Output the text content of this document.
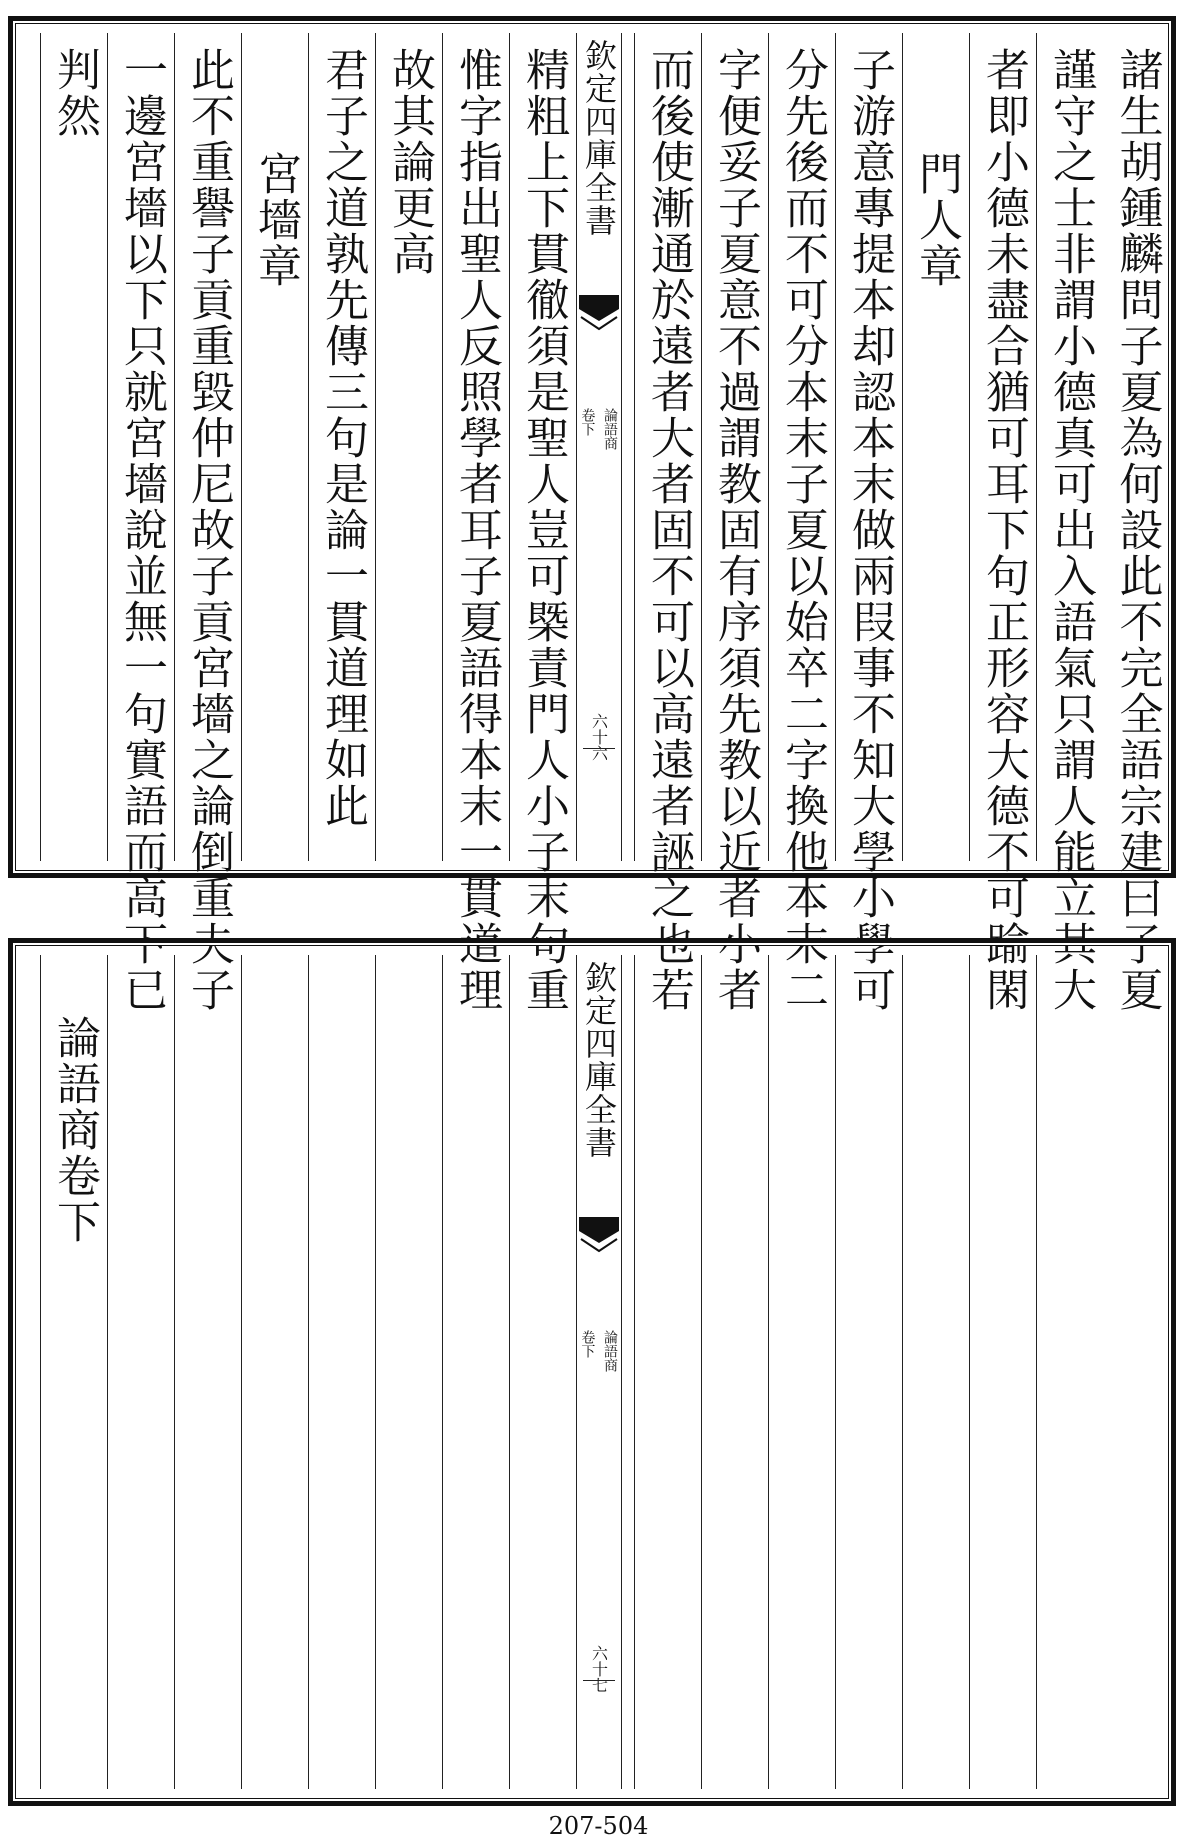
諸生胡鍾麟問子夏為何設此不完全語宗建曰子夏
謹守之士非謂小德真可出入語氣只謂人能立其大
者即小德未盡合猶可耳下句正形容大德不可踰閑
門人章
子游意專提本却認本末做兩叚事不知大學小學可
分先後而不可分本末子夏以始卒二字換他本末二
字便妥子夏意不過謂教固有序須先教以近者小者
而後使漸通於遠者大者固不可以高遠者誣之也若
欽定四庫全書
論語商
卷下
六十六
精粗上下貫徹須是聖人豈可槩責門人小子末句重
惟字指出聖人反照學者耳子夏語得本末一貫道理
故其論更高
君子之道孰先傳三句是論一貫道理如此
宮墻章
此不重譽子貢重毀仲尼故子貢宮墻之論倒重夫子
一邊宮墻以下只就宮墻說並無一句實語而高下已
判然
欽定四庫全書
論語商
卷下
六十七
論語商卷下
207-504
